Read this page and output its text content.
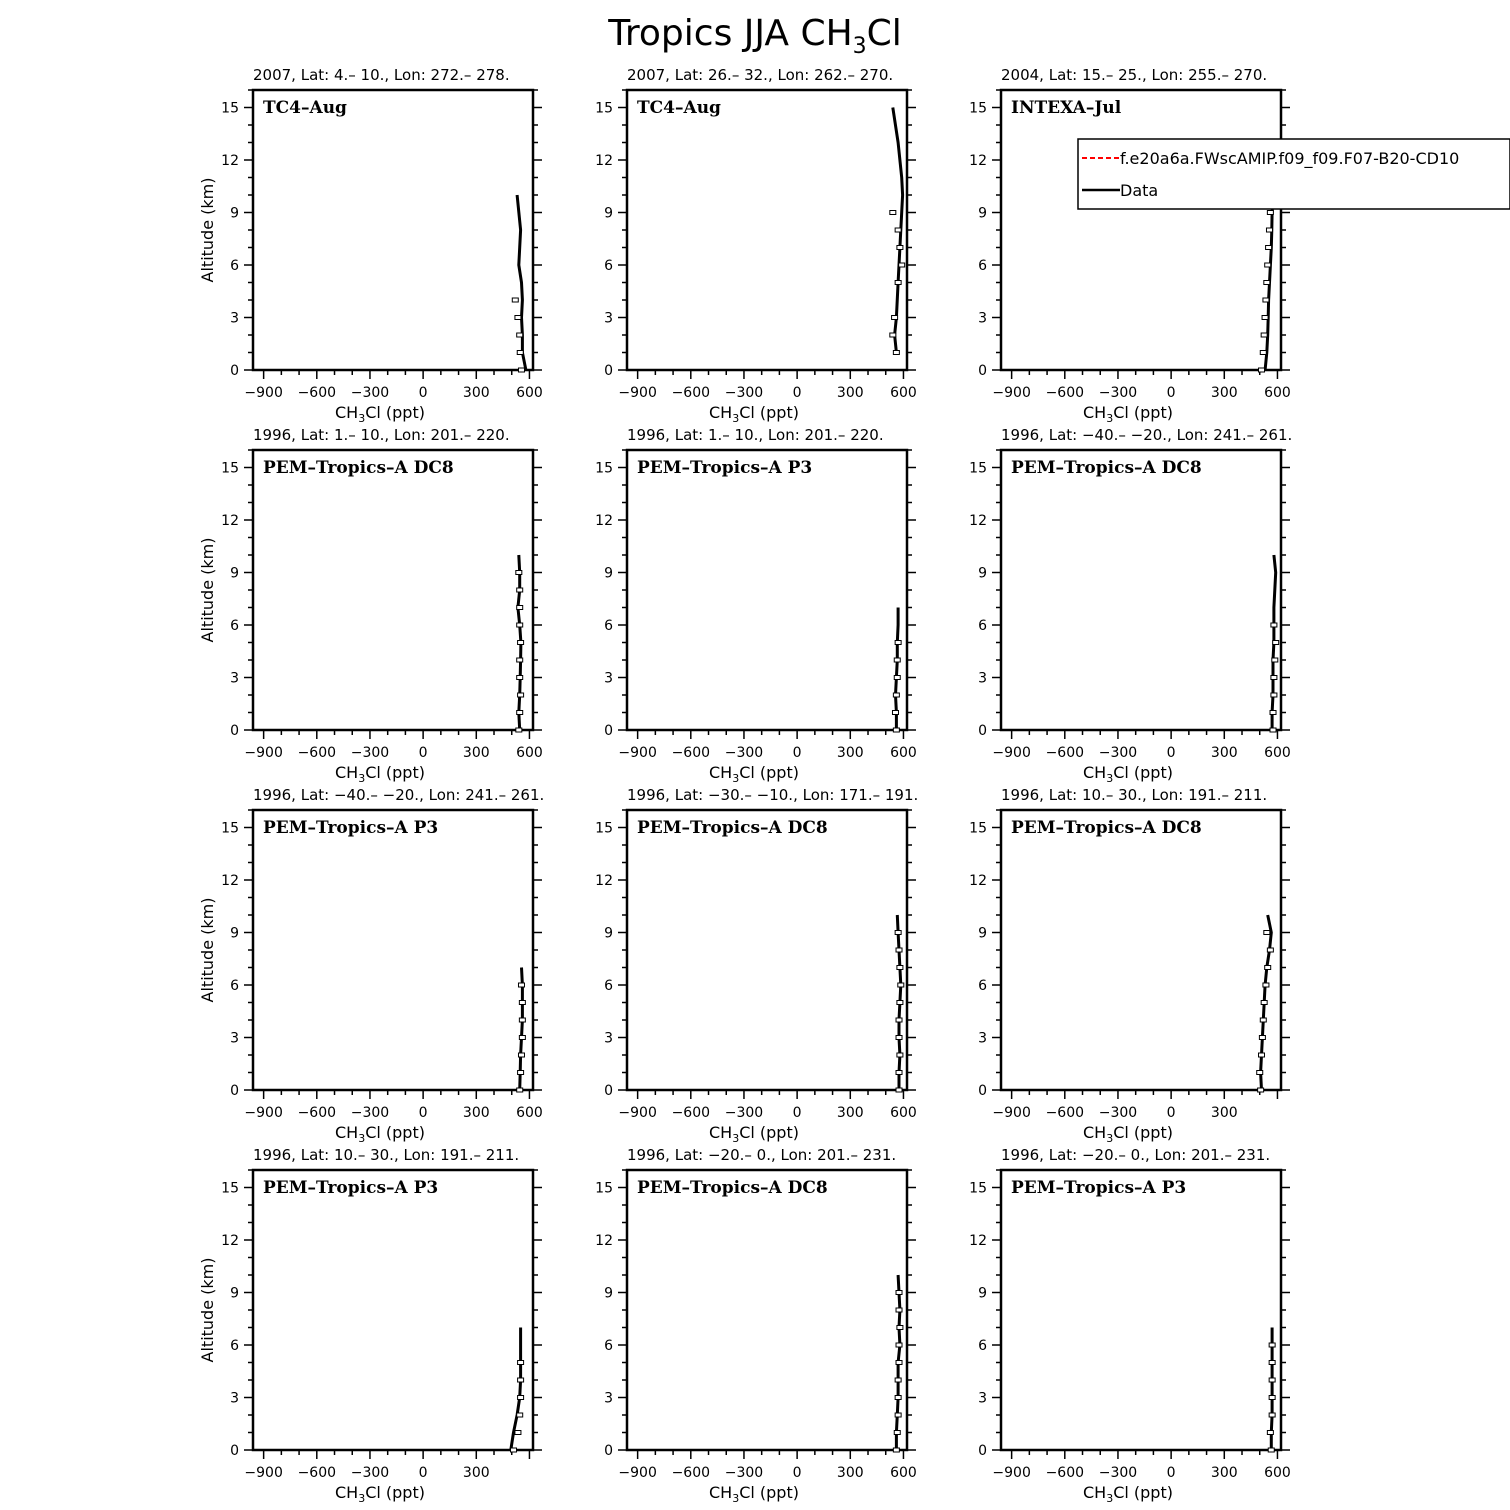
Tropics JJA $CH_3Cl$
2007, Lat: 4.– 10., Lon: 272.– 278.
0
3
6
9
12
15
−900 −600 −300 0	300 600
$CH_3Cl$ (ppt)
Altitude (km)
TC4–Aug
2007, Lat: 26.– 32., Lon: 262.– 270.
0
3
6
9
12
15
−900 −600 −300 0	300 600
$CH_3Cl$ (ppt)
TC4–Aug
2004, Lat: 15.– 25., Lon: 255.– 270.
0
3
6
9
12
15
−900 −600 −300 0	300 600
$CH_3Cl$ (ppt)
INTEXA–Jul
1996, Lat: 1.– 10., Lon: 201.– 220.
0
3
6
9
12
15
−900 −600 −300 0	300 600
$CH_3Cl$ (ppt)
Altitude (km)
PEM–Tropics–A DC8
1996, Lat: 1.– 10., Lon: 201.– 220.
0
3
6
9
12
15
−900 −600 −300 0	300 600
$CH_3Cl$ (ppt)
PEM–Tropics–A P3
1996, Lat: −40.– −20., Lon: 241.– 261.
0
3
6
9
12
15
−900 −600 −300 0	300 600
$CH_3Cl$ (ppt)
PEM–Tropics–A DC8
1996, Lat: −40.– −20., Lon: 241.– 261.
0
3
6
9
12
15
−900 −600 −300 0	300 600
$CH_3Cl$ (ppt)
Altitude (km)
PEM–Tropics–A P3
1996, Lat: −30.– −10., Lon: 171.– 191.
0
3
6
9
12
15
−900 −600 −300 0	300 600
$CH_3Cl$ (ppt)
PEM–Tropics–A DC8
1996, Lat: 10.– 30., Lon: 191.– 211.
0
3
6
9
12
15
−900 −600 −300 0	300
$CH_3Cl$ (ppt)
PEM–Tropics–A DC8
1996, Lat: 10.– 30., Lon: 191.– 211.
0
3
6
9
12
15
−900 −600 −300 0	300
$CH_3Cl$ (ppt)
Altitude (km)
PEM–Tropics–A P3
1996, Lat: −20.– 0., Lon: 201.– 231.
0
3
6
9
12
15
−900 −600 −300 0	300 600
$CH_3Cl$ (ppt)
PEM–Tropics–A DC8
1996, Lat: −20.– 0., Lon: 201.– 231.
0
3
6
9
12
15
−900 −600 −300 0	300 600
$CH_3Cl$ (ppt)
PEM–Tropics–A P3
f.e20a6a.FWscAMIP.f09_f09.F07-B20-CD10
Data
